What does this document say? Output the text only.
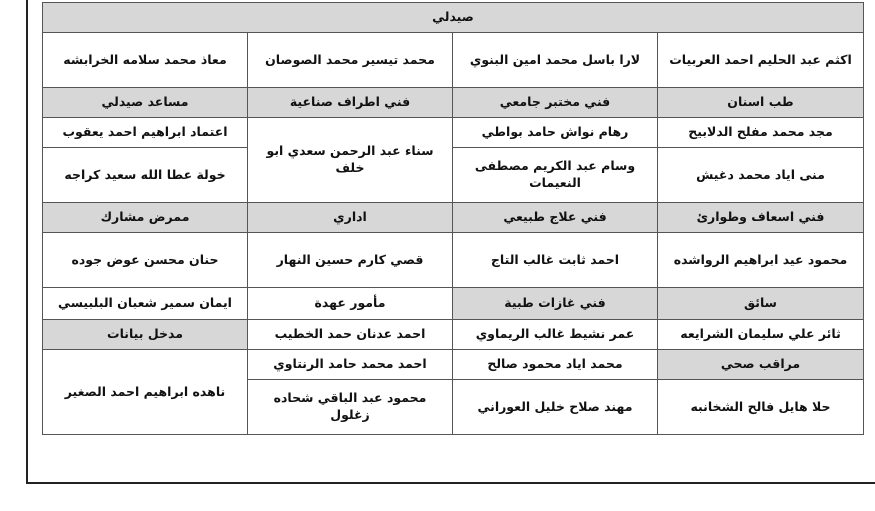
صيدلي			
اكثم عبد الحليم احمد العربيات	لارا باسل محمد امين البنوي	محمد تيسير محمد الصوصان	معاذ محمد سلامه الخرابشه
طب اسنان	فني مختبر جامعي	فني اطراف صناعية	مساعد صيدلي
مجد محمد مفلح الدلابيح	رهام نواش حامد بواطي	سناء عبد الرحمن سعدي ابو خلف	اعتماد ابراهيم احمد يعقوب
منى اياد محمد دغيش	وسام عبد الكريم مصطفى النعيمات		خولة عطا الله سعيد كراجه
فني اسعاف وطوارئ	فني علاج طبيعي	اداري	ممرض مشارك
محمود عيد ابراهيم الرواشده	احمد ثابت غالب التاج	قصي كارم حسين النهار	حنان محسن عوض جوده
سائق	فني غازات طبية	مأمور عهدة	ايمان سمير شعبان البلبيسي
ثائر علي سليمان الشرايعه	عمر نشيط غالب الريماوي	احمد عدنان حمد الخطيب	مدخل بيانات
مراقب صحي	محمد اياد محمود صالح	احمد محمد حامد الرنتاوي	ناهده ابراهيم احمد الصغير
حلا هايل فالح الشخانبه	مهند صلاح خليل العوراني	محمود عبد الباقي شحاده زغلول	
